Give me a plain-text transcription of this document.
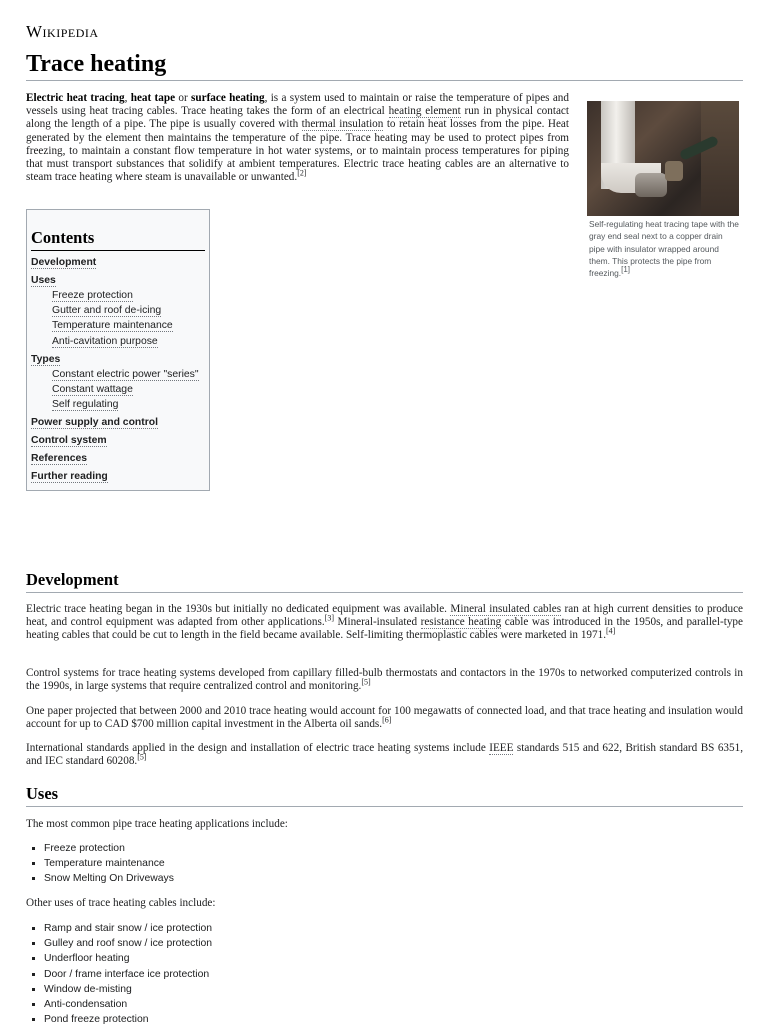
Wikipedia
Trace heating

Electric heat tracing, heat tape or surface heating, is a system used to maintain or raise the temperature of pipes and vessels using heat tracing cables. Trace heating takes the form of an electrical heating element run in physical contact along the length of a pipe. The pipe is usually covered with thermal insulation to retain heat losses from the pipe. Heat generated by the element then maintains the temperature of the pipe. Trace heating may be used to protect pipes from freezing, to maintain a constant flow temperature in hot water systems, or to maintain process temperatures for piping that must transport substances that solidify at ambient temperatures. Electric trace heating cables are an alternative to steam trace heating where steam is unavailable or unwanted.[2]

Self-regulating heat tracing tape with the gray end seal next to a copper drain pipe with insulator wrapped around them. This protects the pipe from freezing.[1]
Contents
Development
Uses
Freeze protection
Gutter and roof de-icing
Temperature maintenance
Anti-cavitation purpose
Types
Constant electric power "series"
Constant wattage
Self regulating
Power supply and control
Control system
References
Further reading
Development

Electric trace heating began in the 1930s but initially no dedicated equipment was available. Mineral insulated cables ran at high current densities to produce heat, and control equipment was adapted from other applications.[3] Mineral-insulated resistance heating cable was introduced in the 1950s, and parallel-type heating cables that could be cut to length in the field became available. Self-limiting thermoplastic cables were marketed in 1971.[4]

Control systems for trace heating systems developed from capillary filled-bulb thermostats and contactors in the 1970s to networked computerized controls in the 1990s, in large systems that require centralized control and monitoring.[5]

One paper projected that between 2000 and 2010 trace heating would account for 100 megawatts of connected load, and that trace heating and insulation would account for up to CAD $700 million capital investment in the Alberta oil sands.[6]

International standards applied in the design and installation of electric trace heating systems include IEEE standards 515 and 622, British standard BS 6351, and IEC standard 60208.[5]

Uses

The most common pipe trace heating applications include:

▪ Freeze protection
▪ Temperature maintenance
▪ Snow Melting On Driveways

Other uses of trace heating cables include:

▪ Ramp and stair snow / ice protection
▪ Gulley and roof snow / ice protection
▪ Underfloor heating
▪ Door / frame interface ice protection
▪ Window de-misting
▪ Anti-condensation
▪ Pond freeze protection
